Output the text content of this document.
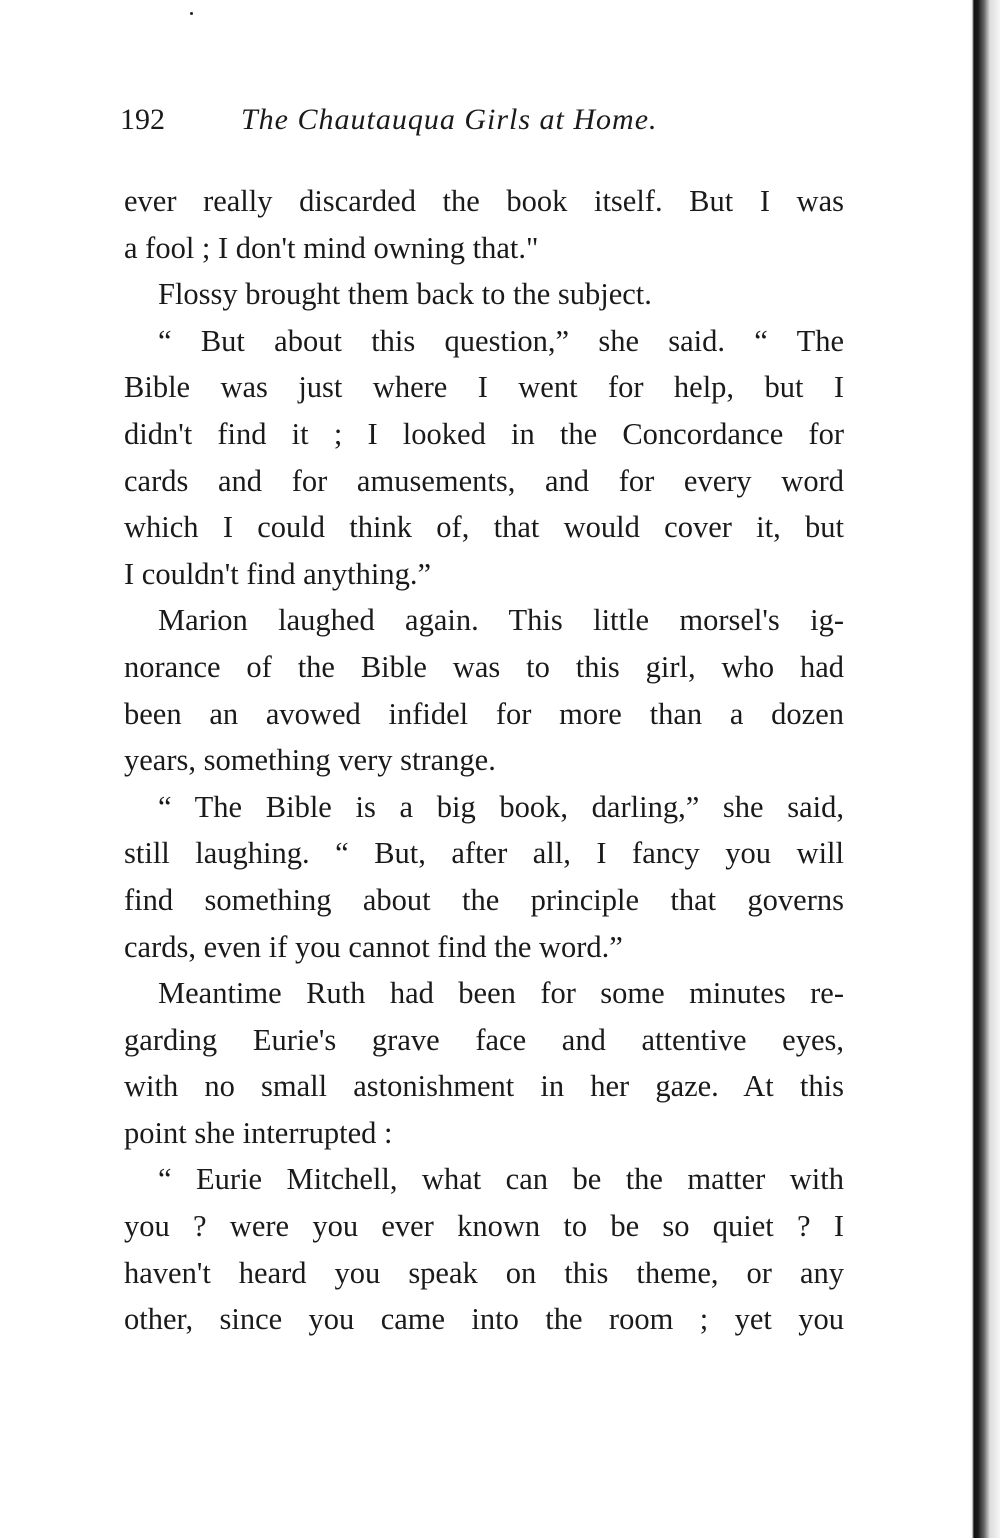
192	The Chautauqua Girls at Home.
ever really discarded the book itself. But I was
a fool ; I don't mind owning that."
Flossy brought them back to the subject.
“ But about this question,” she said. “ The
Bible was just where I went for help, but I
didn't find it ; I looked in the Concordance for
cards and for amusements, and for every word
which I could think of, that would cover it, but
I couldn't find anything.”
Marion laughed again. This little morsel's ig-
norance of the Bible was to this girl, who had
been an avowed infidel for more than a dozen
years, something very strange.
“ The Bible is a big book, darling,” she said,
still laughing. “ But, after all, I fancy you will
find something about the principle that governs
cards, even if you cannot find the word.”
Meantime Ruth had been for some minutes re-
garding Eurie's grave face and attentive eyes,
with no small astonishment in her gaze. At this
point she interrupted :
“ Eurie Mitchell, what can be the matter with
you ? were you ever known to be so quiet ? I
haven't heard you speak on this theme, or any
other, since you came into the room ; yet you
